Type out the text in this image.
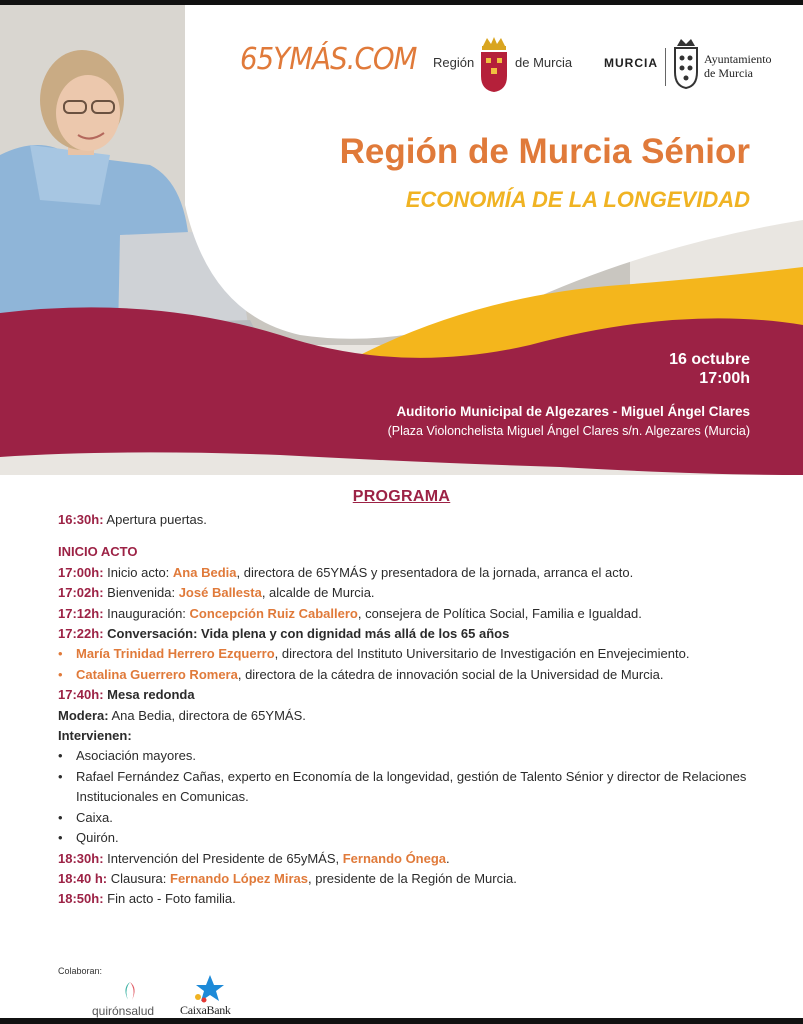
65YMÁS.COM Región	de Murcia	MURCIA	Ayuntamiento
de Murcia
Región de Murcia Sénior
ECONOMÍA DE LA LONGEVIDAD
16 octubre
17:00h
Auditorio Municipal de Algezares - Miguel Ángel Clares
(Plaza Violonchelista Miguel Ángel Clares s/n. Algezares (Murcia)
PROGRAMA
16:30h: Apertura puertas.
INICIO ACTO
17:00h: Inicio acto: Ana Bedia, directora de 65YMÁS y presentadora de la jornada, arranca el acto.
17:02h: Bienvenida: José Ballesta, alcalde de Murcia.
17:12h: Inauguración: Concepción Ruiz Caballero, consejera de Política Social, Familia e Igualdad.
17:22h: Conversación: Vida plena y con dignidad más allá de los 65 años
• María Trinidad Herrero Ezquerro, directora del Instituto Universitario de Investigación en Envejecimiento.
• Catalina Guerrero Romera, directora de la cátedra de innovación social de la Universidad de Murcia.
17:40h: Mesa redonda
Modera: Ana Bedia, directora de 65YMÁS.
Intervienen:
• Asociación mayores.
• Rafael Fernández Cañas, experto en Economía de la longevidad, gestión de Talento Sénior y director de Relaciones Institucionales en Comunicas.
• Caixa.
• Quirón.
18:30h: Intervención del Presidente de 65yMÁS, Fernando Ónega.
18:40 h: Clausura: Fernando López Miras, presidente de la Región de Murcia.
18:50h: Fin acto - Foto familia.
Colaboran:
quirónsalud CaixaBank
